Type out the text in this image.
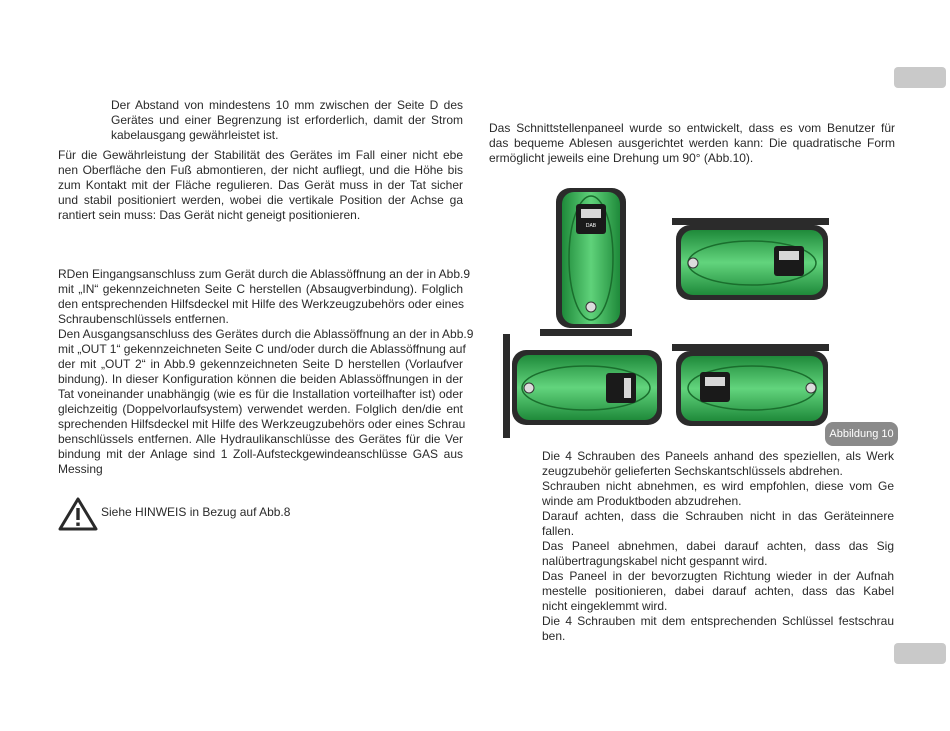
Der Abstand von mindestens 10 mm zwischen der Seite D des
Gerätes und einer Begrenzung ist erforderlich, damit der Strom
kabelausgang gewährleistet ist.
Für die Gewährleistung der Stabilität des Gerätes im Fall einer nicht ebe
nen Oberfläche den Fuß abmontieren, der nicht aufliegt, und die Höhe bis
zum Kontakt mit der Fläche regulieren. Das Gerät muss in der Tat sicher
und stabil positioniert werden, wobei die vertikale Position der Achse ga
rantiert sein muss: Das Gerät nicht geneigt positionieren.
RDen Eingangsanschluss zum Gerät durch die Ablassöffnung an der in Abb.9
mit „IN“ gekennzeichneten Seite C herstellen (Absaugverbindung). Folglich
den entsprechenden Hilfsdeckel mit Hilfe des Werkzeugzubehörs oder eines
Schraubenschlüssels entfernen.
Den Ausgangsanschluss des Gerätes durch die Ablassöffnung an der in Abb.9
mit „OUT 1“ gekennzeichneten Seite C und/oder durch die Ablassöffnung auf
der mit „OUT 2“ in Abb.9 gekennzeichneten Seite D herstellen (Vorlaufver
bindung). In dieser Konfiguration können die beiden Ablassöffnungen in der
Tat voneinander unabhängig (wie es für die Installation vorteilhafter ist) oder
gleichzeitig (Doppelvorlaufsystem) verwendet werden. Folglich den/die ent
sprechenden Hilfsdeckel mit Hilfe des Werkzeugzubehörs oder eines Schrau
benschlüssels entfernen. Alle Hydraulikanschlüsse des Gerätes für die Ver
bindung mit der Anlage sind 1 Zoll-Aufsteckgewindeanschlüsse GAS aus
Messing
Siehe HINWEIS in Bezug auf Abb.8
Das Schnittstellenpaneel wurde so entwickelt, dass es vom Benutzer für
das bequeme Ablesen ausgerichtet werden kann: Die quadratische Form
ermöglicht jeweils eine Drehung um 90° (Abb.10).
DAB
Abbildung 10
Die 4 Schrauben des Paneels anhand des speziellen, als Werk
zeugzubehör gelieferten Sechskantschlüssels abdrehen.
Schrauben nicht abnehmen, es wird empfohlen, diese vom Ge
winde am Produktboden abzudrehen.
Darauf achten, dass die Schrauben nicht in das Geräteinnere
fallen.
Das Paneel abnehmen, dabei darauf achten, dass das Sig
nalübertragungskabel nicht gespannt wird.
Das Paneel in der bevorzugten Richtung wieder in der Aufnah
mestelle positionieren, dabei darauf achten, dass das Kabel
nicht eingeklemmt wird.
Die 4 Schrauben mit dem entsprechenden Schlüssel festschrau
ben.
